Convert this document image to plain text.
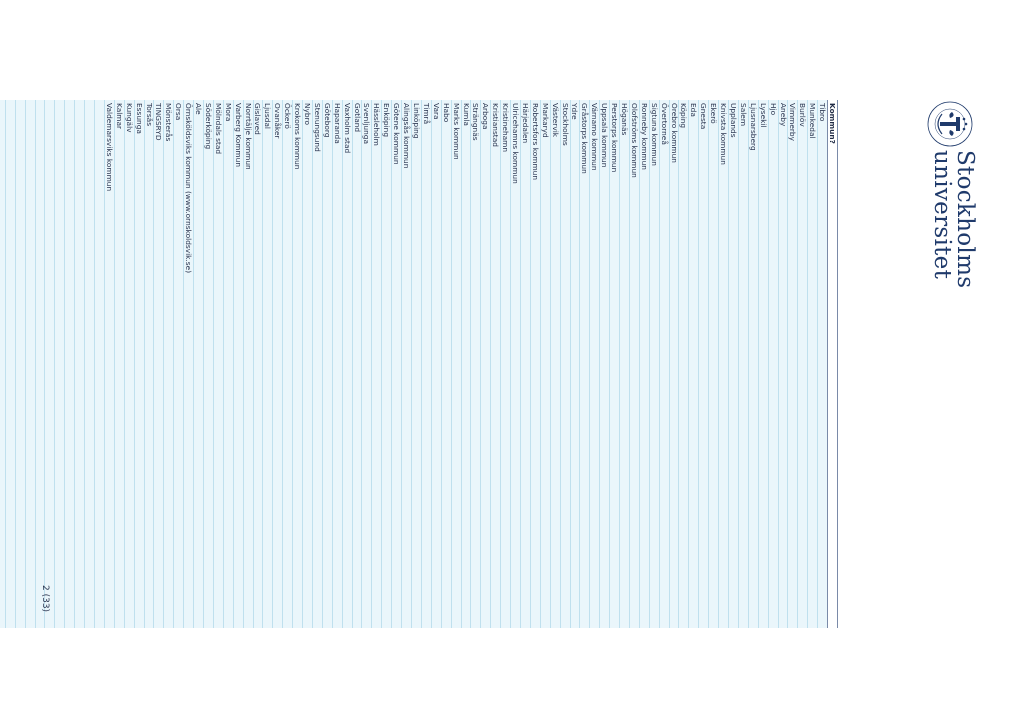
Stockholms
universitet
Kommun?
Tibro
Munkedal
Burlöv
Vimmerby
Aneby
Hjo
Lysekil
Ljusnarsberg
Salem
Upplands
Knivsta kommun
Ekerö
Gnesta
Eda
Köping
Örebro kommun
Övertorneå
Sigtuna kommun
Ronneby kommun
Olofströms kommun
Höganäs
Perstorps kommun
Uppsala kommun
Värnamo kommun
Gråstorps kommun
Ydre
Stockholms
Västervik
Markaryd
Robertsfors kommun
Härjedalen
Ulricehamns kommun
Kristinehamn
Kristianstad
Arboga
Strängnäs
Kumla
Marks kommun
Habo
Vara
Timrå
Linköping
Alingsås kommun
Götene kommun
Enköping
Hässleholm
Svenljunga
Gotland
Vaxholm stad
Haparanda
Göteborg
Stenungsund
Nybro
Krokoms kommun
Öckerö
Ovanåker
Ljusdal
Gislaved
Norrtälje kommun
Varberg Kommun
Mora
Mölndals stad
Söderköping
Ale
Örnsköldsviks kommun (www.ornskoldsvik.se)
Orsa
Mönsterås
TINGSRYD
Torsås
Essunga
Kungälv
Kalmar
Valdemarsviks kommun
2 (33)
